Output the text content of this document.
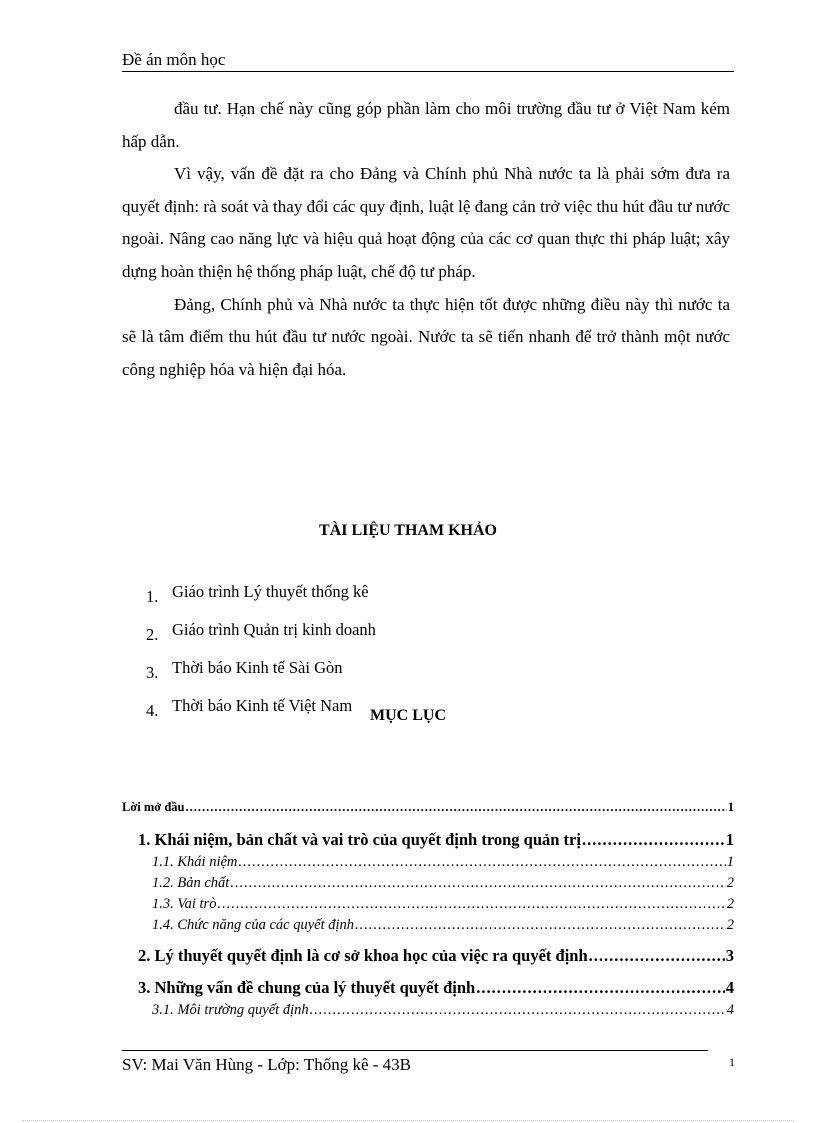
Đề án môn học

đầu tư. Hạn chế này cũng góp phần làm cho môi trường đầu tư ở Việt Nam kém hấp dẫn.

Vì vậy, vấn đề đặt ra cho Đảng và Chính phủ Nhà nước ta là phải sớm đưa ra quyết định: rà soát và thay đổi các quy định, luật lệ đang cản trở việc thu hút đầu tư nước ngoài. Nâng cao năng lực và hiệu quả hoạt động của các cơ quan thực thi pháp luật; xây dựng hoàn thiện hệ thống pháp luật, chế độ tư pháp.

Đảng, Chính phủ và Nhà nước ta thực hiện tốt được những điều này thì nước ta sẽ là tâm điểm thu hút đầu tư nước ngoài. Nước ta sẽ tiến nhanh để trở thành một nước công nghiệp hóa và hiện đại hóa.

TÀI LIỆU THAM KHẢO
1. Giáo trình Lý thuyết thống kê
2. Giáo trình Quản trị kinh doanh
3. Thời báo Kinh tế Sài Gòn
4. Thời báo Kinh tế Việt Nam
MỤC LỤC
Lời mở đầu .....	1
1. Khái niệm, bản chất và vai trò của quyết định trong quản trị .....	1
1.1. Khái niệm .....	1
1.2. Bản chất .....	2
1.3. Vai trò .....	2
1.4. Chức năng của các quyết định .....	2
2. Lý thuyết quyết định là cơ sở khoa học của việc ra quyết định .....	3
3. Những vấn đề chung của lý thuyết quyết định .....	4
3.1. Môi trường quyết định .....	4
SV: Mai Văn Hùng - Lớp: Thống kê - 43B	1
